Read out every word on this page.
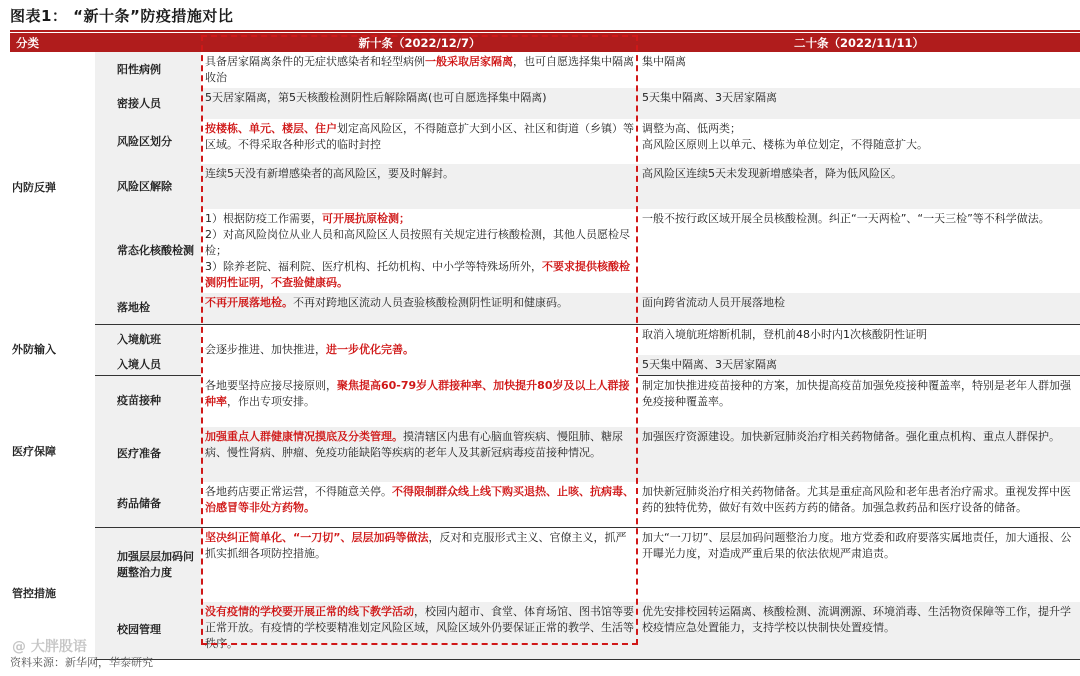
图表1： “新十条”防疫措施对比
分类		新十条（2022/12/7）	二十条（2022/11/11）
内防反弹	阳性病例	具备居家隔离条件的无症状感染者和轻型病例一般采取居家隔离，也可自愿选择集中隔离收治	集中隔离
	密接人员	5天居家隔离，第5天核酸检测阴性后解除隔离(也可自愿选择集中隔离)	5天集中隔离、3天居家隔离
	风险区划分	按楼栋、单元、楼层、住户划定高风险区，不得随意扩大到小区、社区和街道（乡镇）等区域。不得采取各种形式的临时封控	调整为高、低两类；
高风险区原则上以单元、楼栋为单位划定，不得随意扩大。
	风险区解除	连续5天没有新增感染者的高风险区，要及时解封。	高风险区连续5天未发现新增感染者，降为低风险区。
	常态化核酸检测	1）根据防疫工作需要，可开展抗原检测；
2）对高风险岗位从业人员和高风险区人员按照有关规定进行核酸检测，其他人员愿检尽检；
3）除养老院、福利院、医疗机构、托幼机构、中小学等特殊场所外，不要求提供核酸检测阴性证明，不查验健康码。	一般不按行政区域开展全员核酸检测。纠正“一天两检”、“一天三检”等不科学做法。
	落地检	不再开展落地检。不再对跨地区流动人员查验核酸检测阴性证明和健康码。	面向跨省流动人员开展落地检
外防输入	入境航班	会逐步推进、加快推进，进一步优化完善。	取消入境航班熔断机制，登机前48小时内1次核酸阴性证明
	入境人员		5天集中隔离、3天居家隔离
医疗保障	疫苗接种	各地要坚持应接尽接原则，聚焦提高60-79岁人群接种率、加快提升80岁及以上人群接种率，作出专项安排。	制定加快推进疫苗接种的方案，加快提高疫苗加强免疫接种覆盖率，特别是老年人群加强免疫接种覆盖率。
	医疗准备	加强重点人群健康情况摸底及分类管理。摸清辖区内患有心脑血管疾病、慢阻肺、糖尿病、慢性肾病、肿瘤、免疫功能缺陷等疾病的老年人及其新冠病毒疫苗接种情况。	加强医疗资源建设。加快新冠肺炎治疗相关药物储备。强化重点机构、重点人群保护。
	药品储备	各地药店要正常运营，不得随意关停。不得限制群众线上线下购买退热、止咳、抗病毒、治感冒等非处方药物。	加快新冠肺炎治疗相关药物储备。尤其是重症高风险和老年患者治疗需求。重视发挥中医药的独特优势，做好有效中医药方药的储备。加强急救药品和医疗设备的储备。
管控措施	加强层层加码问题整治力度	坚决纠正简单化、“一刀切”、层层加码等做法，反对和克服形式主义、官僚主义，抓严抓实抓细各项防控措施。	加大“一刀切”、层层加码问题整治力度。地方党委和政府要落实属地责任，加大通报、公开曝光力度，对造成严重后果的依法依规严肃追责。
	校园管理	没有疫情的学校要开展正常的线下教学活动，校园内超市、食堂、体育场馆、图书馆等要正常开放。有疫情的学校要精准划定风险区域，风险区域外仍要保证正常的教学、生活等秩序。	优先安排校园转运隔离、核酸检测、流调溯源、环境消毒、生活物资保障等工作，提升学校疫情应急处置能力，支持学校以快制快处置疫情。
@ 大胖股语
资料来源：新华网，华泰研究
